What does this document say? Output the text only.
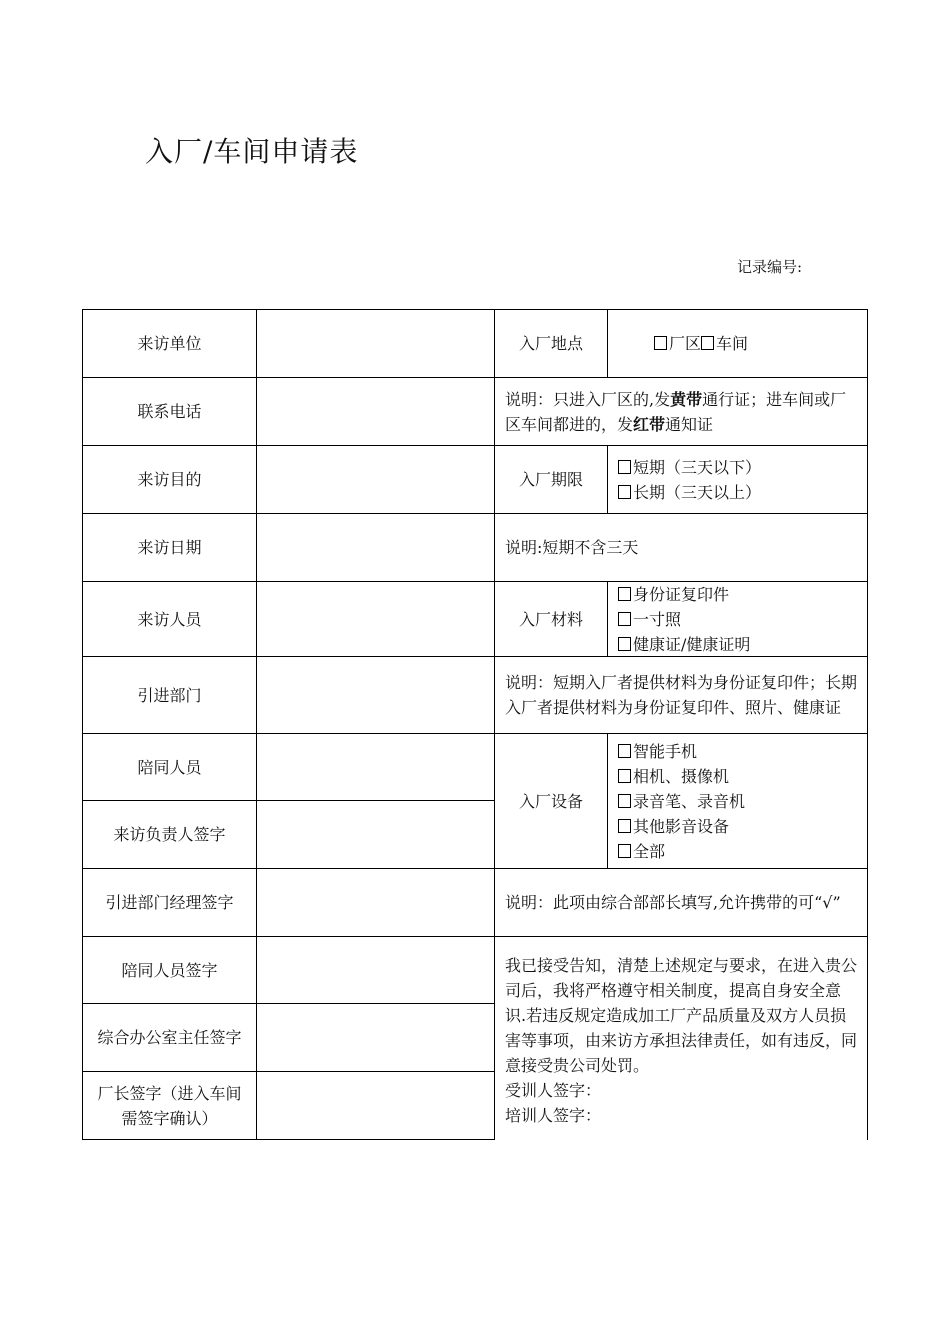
入厂/车间申请表
记录编号:
来访单位
联系电话
来访目的
来访日期
来访人员
引进部门
陪同人员
来访负责人签字
引进部门经理签字
陪同人员签字
综合办公室主任签字
厂长签字（进入车间需签字确认）
入厂地点	厂区 车间
说明：只进入厂区的,发黄带通行证；进车间或厂区车间都进的，发红带通知证
入厂期限
短期（三天以下）
长期（三天以上）
说明:短期不含三天
入厂材料
身份证复印件
一寸照
健康证/健康证明
说明：短期入厂者提供材料为身份证复印件；长期入厂者提供材料为身份证复印件、照片、健康证
入厂设备
智能手机
相机、摄像机
录音笔、录音机
其他影音设备
全部
说明：此项由综合部部长填写,允许携带的可“√”
我已接受告知，清楚上述规定与要求，在进入贵公司后，我将严格遵守相关制度，提高自身安全意识.若违反规定造成加工厂产品质量及双方人员损害等事项，由来访方承担法律责任，如有违反，同意接受贵公司处罚。
受训人签字：
培训人签字：
